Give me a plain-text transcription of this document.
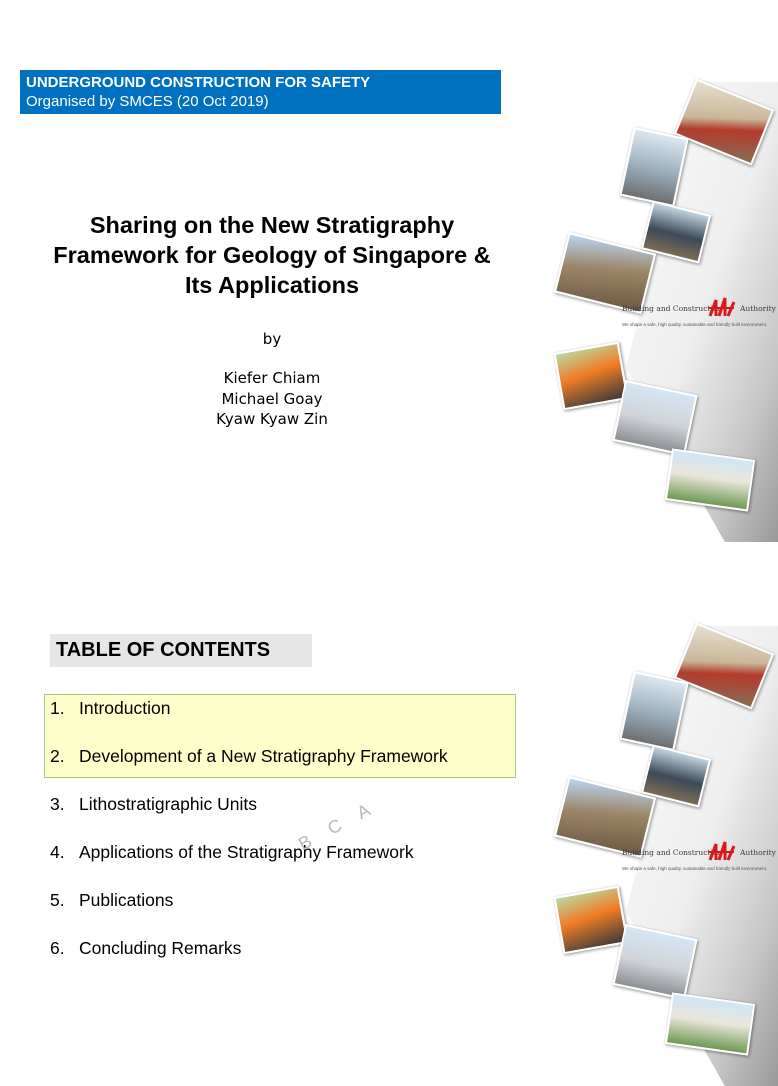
UNDERGROUND CONSTRUCTION FOR SAFETY
Organised by SMCES (20 Oct 2019)
Sharing on the New Stratigraphy
Framework for Geology of Singapore &
Its Applications
by
Kiefer Chiam
Michael Goay
Kyaw Kyaw Zin
Building and Construction Authority
We shape a safe, high quality, sustainable and friendly built environment.
TABLE OF CONTENTS
1. Introduction
2. Development of a New Stratigraphy Framework
3. Lithostratigraphic Units
4. Applications of the Stratigraphy Framework
5. Publications
6. Concluding Remarks
B C A	Building and Construction Authority
We shape a safe, high quality, sustainable and friendly built environment.
